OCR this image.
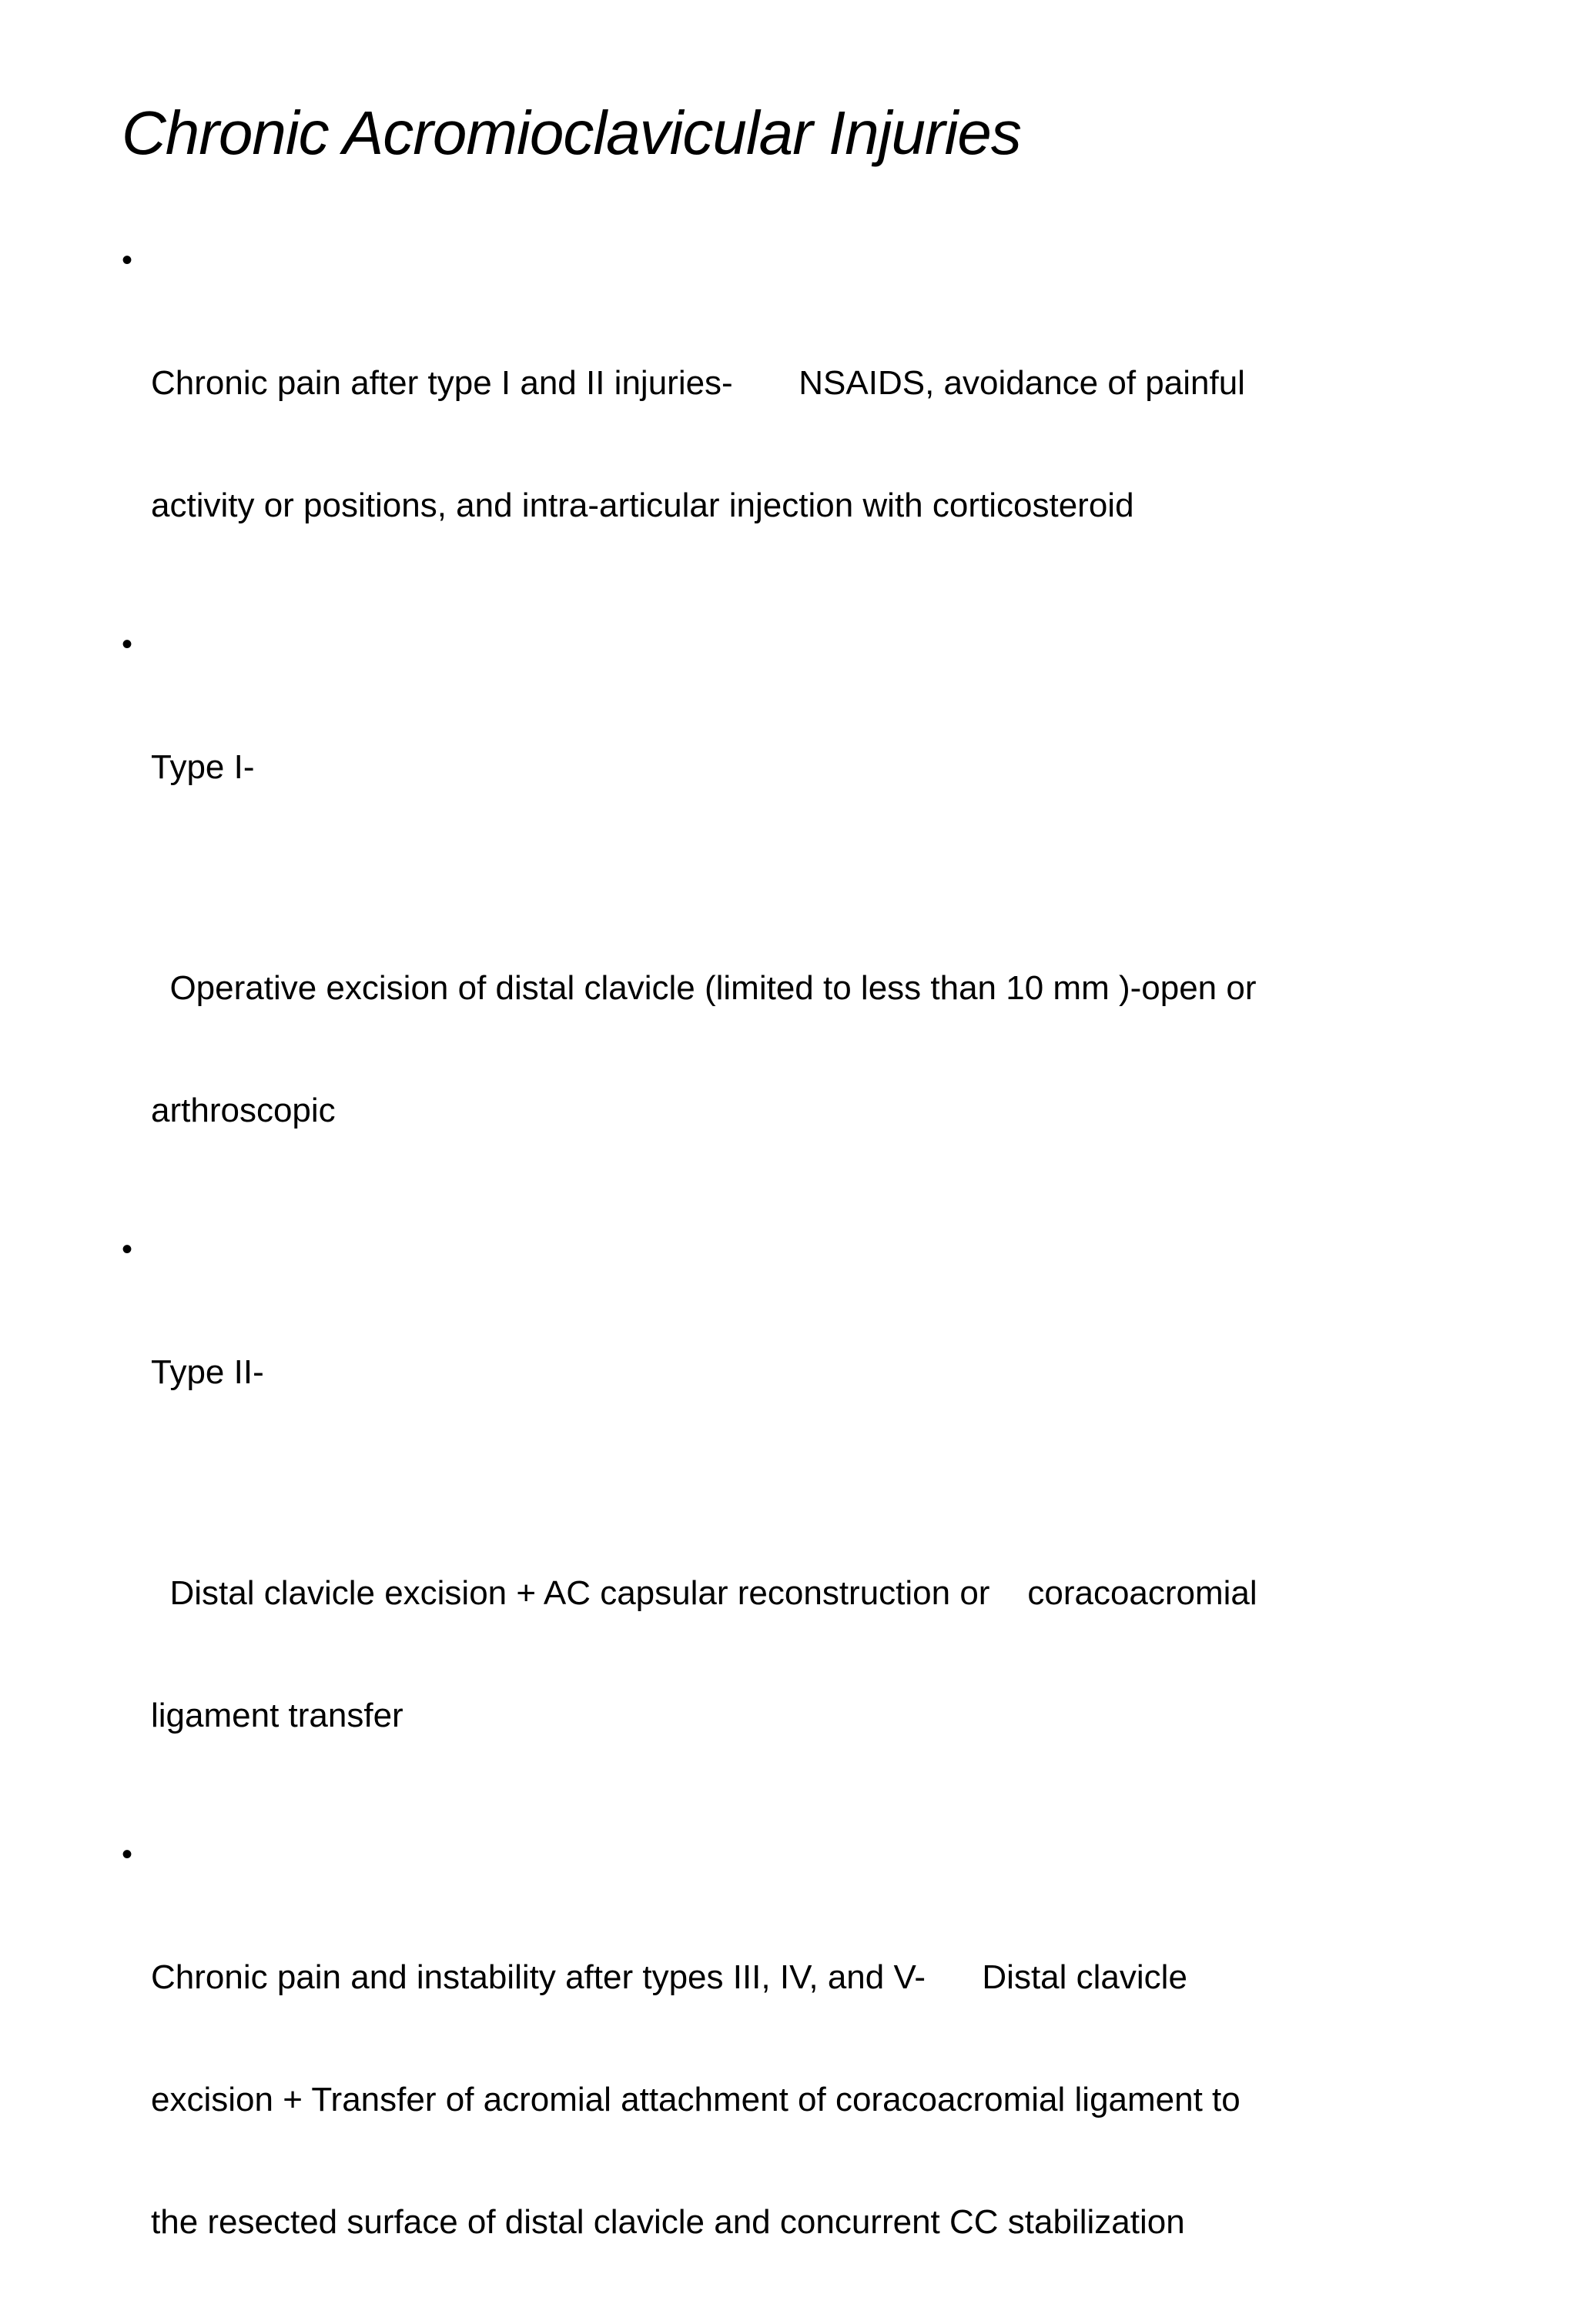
Chronic Acromioclavicular Injuries

•

Chronic pain after type I and II injuries-       NSAIDS, avoidance of painful

activity or positions, and intra-articular injection with corticosteroid

•

Type I-

Operative excision of distal clavicle (limited to less than 10 mm )-open or

arthroscopic

•

Type II-

Distal clavicle excision + AC capsular reconstruction or    coracoacromial

ligament transfer

•

Chronic pain and instability after types III, IV, and V-      Distal clavicle

excision + Transfer of acromial attachment of coracoacromial ligament to

the resected surface of distal clavicle and concurrent CC stabilization
